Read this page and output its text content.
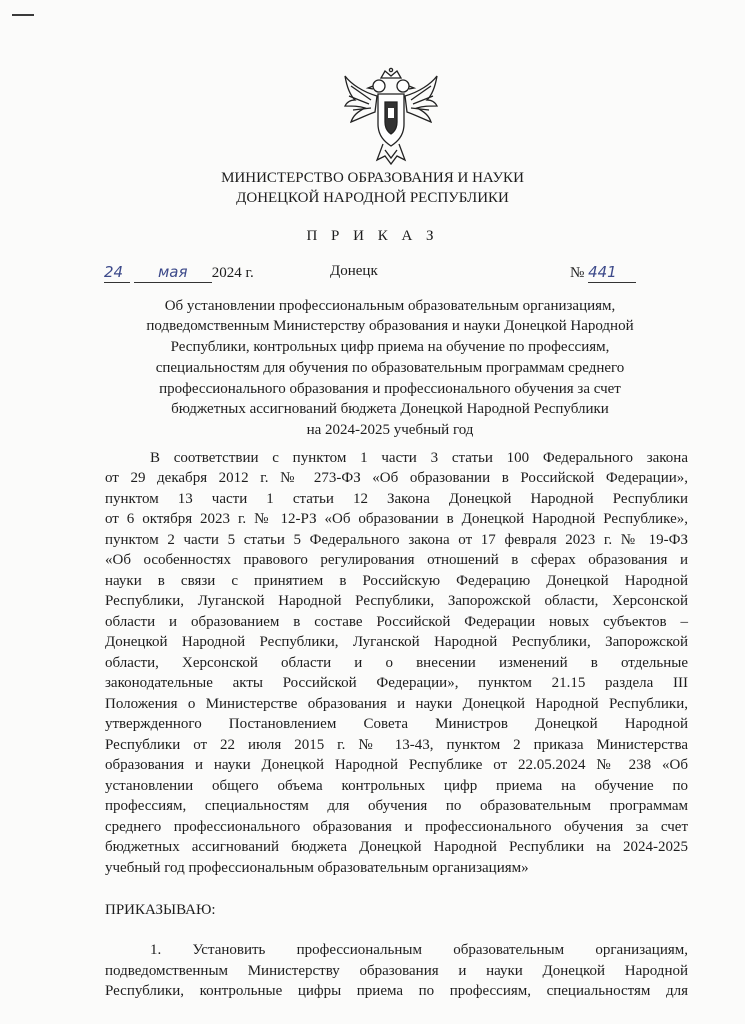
МИНИСТЕРСТВО ОБРАЗОВАНИЯ И НАУКИ
ДОНЕЦКОЙ НАРОДНОЙ РЕСПУБЛИКИ
П Р И К А З
24 мая 2024 г.	Донецк	№ 441
Об установлении профессиональным образовательным организациям,
подведомственным Министерству образования и науки Донецкой Народной
Республики, контрольных цифр приема на обучение по профессиям,
специальностям для обучения по образовательным программам среднего
профессионального образования и профессионального обучения за счет
бюджетных ассигнований бюджета Донецкой Народной Республики
на 2024-2025 учебный год
В соответствии с пунктом 1 части 3 статьи 100 Федерального закона
от 29 декабря 2012 г. № 273-ФЗ «Об образовании в Российской Федерации»,
пунктом 13 части 1 статьи 12 Закона Донецкой Народной Республики
от 6 октября 2023 г. № 12-РЗ «Об образовании в Донецкой Народной Республике»,
пунктом 2 части 5 статьи 5 Федерального закона от 17 февраля 2023 г. № 19-ФЗ
«Об особенностях правового регулирования отношений в сферах образования и
науки в связи с принятием в Российскую Федерацию Донецкой Народной
Республики, Луганской Народной Республики, Запорожской области, Херсонской
области и образованием в составе Российской Федерации новых субъектов –
Донецкой Народной Республики, Луганской Народной Республики, Запорожской
области, Херсонской области и о внесении изменений в отдельные
законодательные акты Российской Федерации», пунктом 21.15 раздела III
Положения о Министерстве образования и науки Донецкой Народной Республики,
утвержденного Постановлением Совета Министров Донецкой Народной
Республики от 22 июля 2015 г. № 13-43, пунктом 2 приказа Министерства
образования и науки Донецкой Народной Республике от 22.05.2024 № 238 «Об
установлении общего объема контрольных цифр приема на обучение по
профессиям, специальностям для обучения по образовательным программам
среднего профессионального образования и профессионального обучения за счет
бюджетных ассигнований бюджета Донецкой Народной Республики на 2024-2025
учебный год профессиональным образовательным организациям»
ПРИКАЗЫВАЮ:
1. Установить профессиональным образовательным организациям,
подведомственным Министерству образования и науки Донецкой Народной
Республики, контрольные цифры приема по профессиям, специальностям для
